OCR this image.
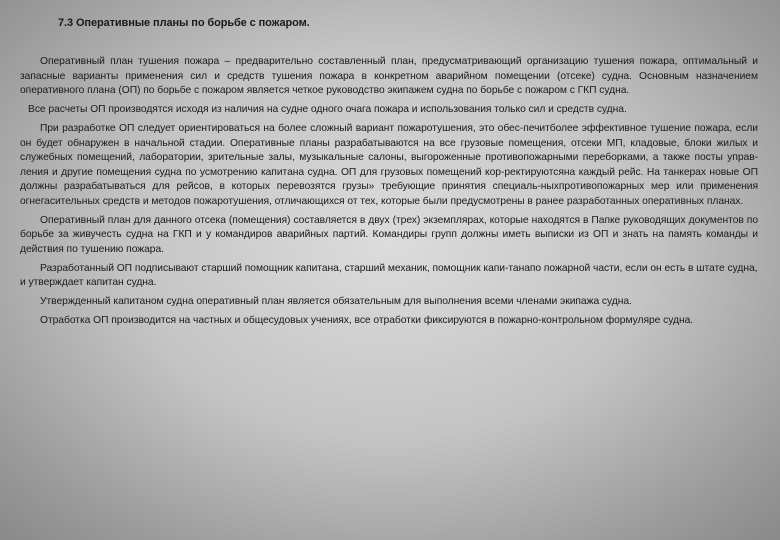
7.3 Оперативные планы по борьбе с пожаром.

Оперативный план тушения пожара – предварительно составленный план, предусматривающий организацию тушения пожара, оптимальный и запасные варианты применения сил и средств тушения пожара в конкретном аварийном помещении (отсеке) судна. Основным назначением оперативного плана (ОП) по борьбе с пожаром является четкое руководство экипажем судна по борьбе с пожаром с ГКП судна.

Все расчеты ОП производятся исходя из наличия на судне одного очага пожара и использования только сил и средств судна.

При разработке ОП следует ориентироваться на более сложный вариант пожаротушения, это обес-печитболее эффективное тушение пожара, если он будет обнаружен в начальной стадии. Оперативные планы разрабатываются на все грузовые помещения, отсеки МП, кладовые, блоки жилых и служебных помещений, лаборатории, зрительные залы, музыкальные салоны, выгороженные противопожарными переборками, а также посты управ-ления и другие помещения судна по усмотрению капитана судна. ОП для грузовых помещений кор-ректируютсяна каждый рейс. На танкерах новые ОП должны разрабатываться для рейсов, в которых перевозятся грузы» требующие принятия специаль-ныхпротивопожарных мер или применения огнегасительных средств и методов пожаротушения, отличающихся от тех, которые были предусмотрены в ранее разработанных оперативных планах.

Оперативный план для данного отсека (помещения) составляется в двух (трех) экземплярах, которые находятся в Папке руководящих документов по борьбе за живучесть судна на ГКП и у командиров аварийных партий. Командиры групп должны иметь выписки из ОП и знать на память команды и действия по тушению пожара.

Разработанный ОП подписывают старший помощник капитана, старший механик, помощник капи-танапо пожарной части, если он есть в штате судна, и утверждает капитан судна.

Утвержденный капитаном судна оперативный план является обязательным для выполнения всеми членами экипажа судна.

Отработка ОП производится на частных и общесудовых учениях, все отработки фиксируются в пожарно-контрольном формуляре судна.
